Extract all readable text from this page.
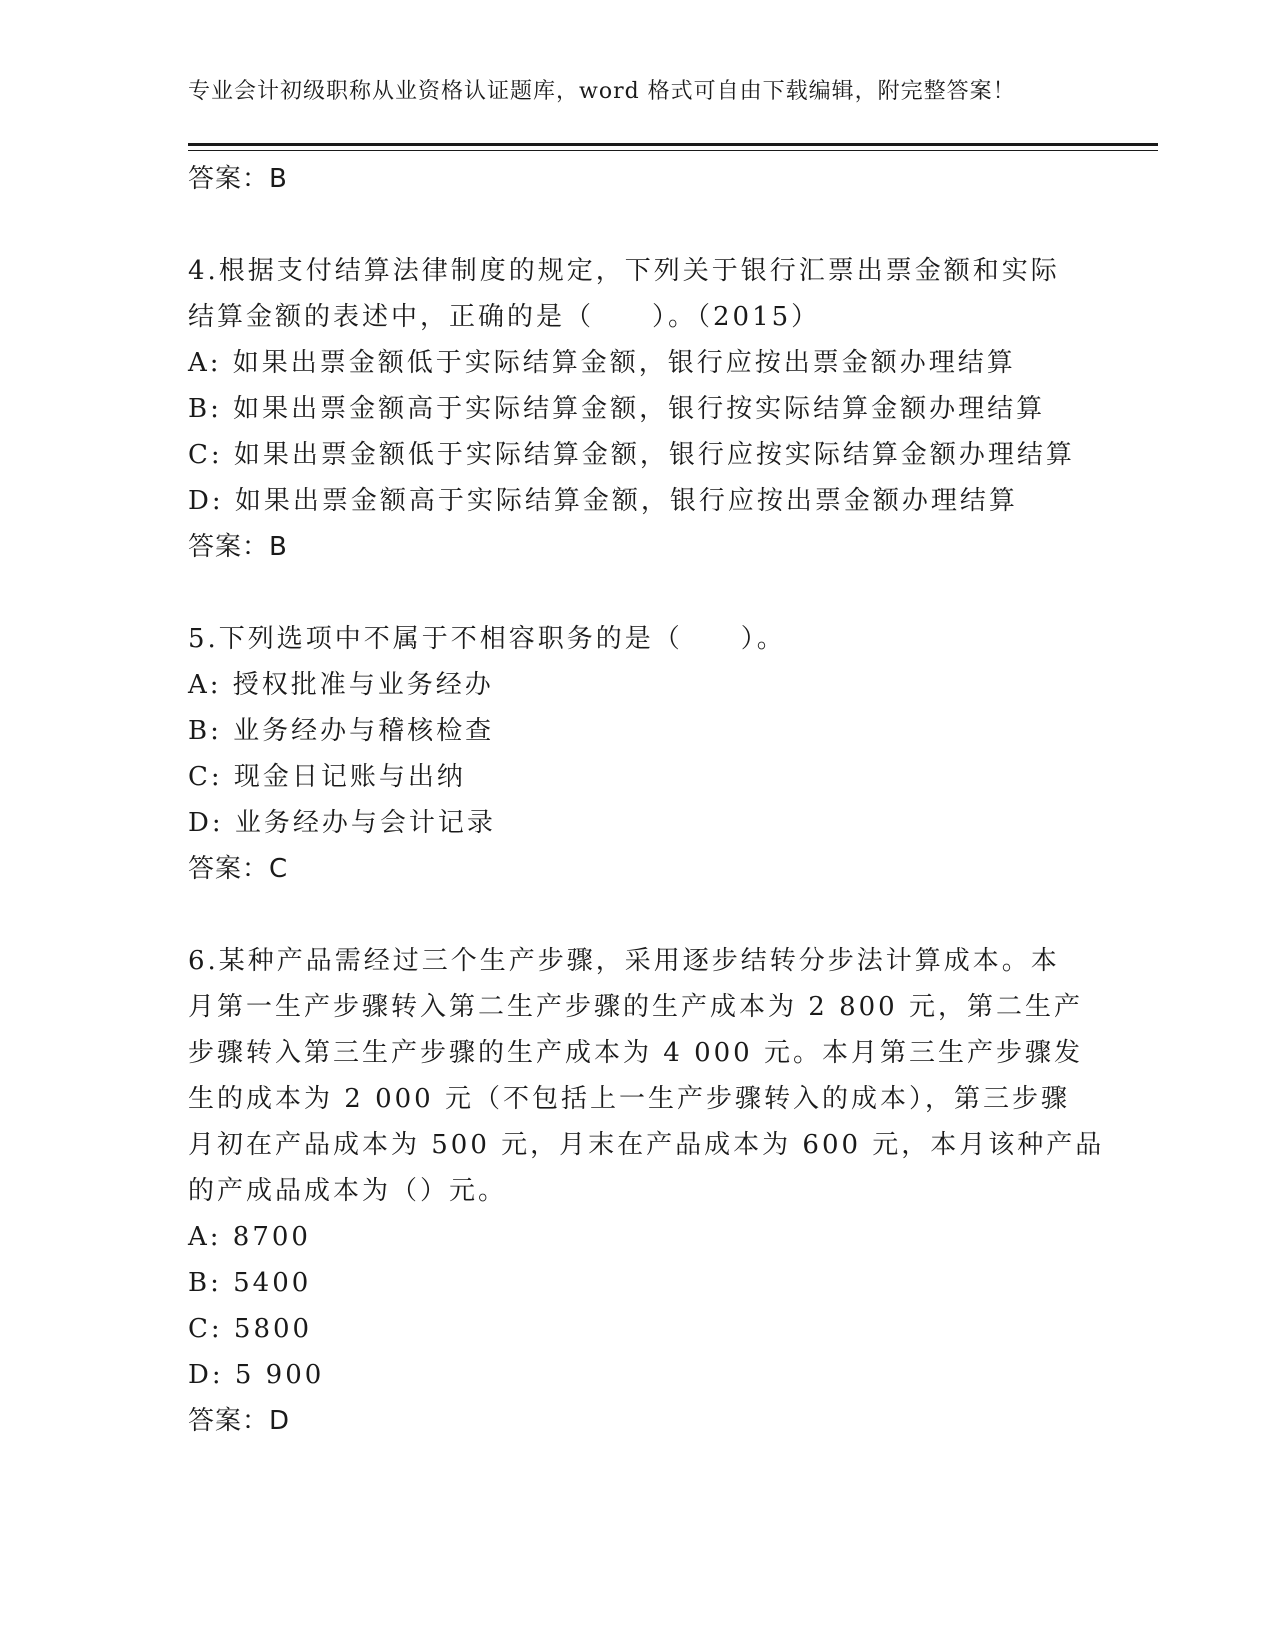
专业会计初级职称从业资格认证题库，word 格式可自由下载编辑，附完整答案！
答案：B
4.根据支付结算法律制度的规定，下列关于银行汇票出票金额和实际
结算金额的表述中，正确的是（　　）。（2015）
A: 如果出票金额低于实际结算金额，银行应按出票金额办理结算
B: 如果出票金额高于实际结算金额，银行按实际结算金额办理结算
C: 如果出票金额低于实际结算金额，银行应按实际结算金额办理结算
D: 如果出票金额高于实际结算金额，银行应按出票金额办理结算
答案：B
5.下列选项中不属于不相容职务的是（　　）。
A: 授权批准与业务经办
B: 业务经办与稽核检查
C: 现金日记账与出纳
D: 业务经办与会计记录
答案：C
6.某种产品需经过三个生产步骤，采用逐步结转分步法计算成本。本
月第一生产步骤转入第二生产步骤的生产成本为 2 800 元，第二生产
步骤转入第三生产步骤的生产成本为 4 000 元。本月第三生产步骤发
生的成本为 2 000 元（不包括上一生产步骤转入的成本），第三步骤
月初在产品成本为 500 元，月末在产品成本为 600 元，本月该种产品
的产成品成本为（）元。
A: 8700
B: 5400
C: 5800
D: 5 900
答案：D
